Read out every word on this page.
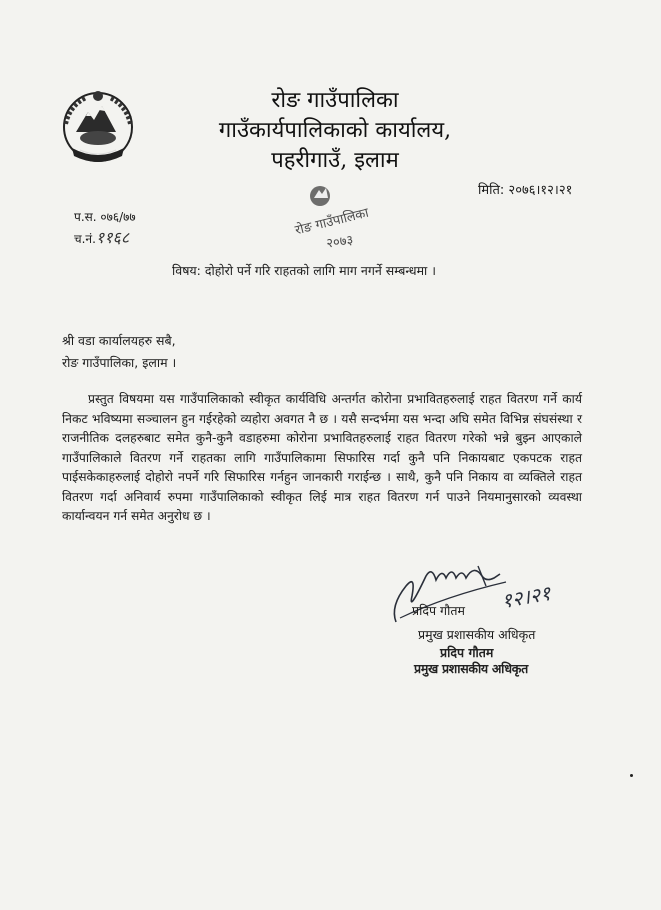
रोङ गाउँपालिका
गाउँकार्यपालिकाको कार्यालय,
पहरीगाउँ, इलाम
मिति: २०७६।१२।२१
प.स. ०७६/७७
च.नं.११६८	रोङ गाउँपालिका
२०७३
विषय: दोहोरो पर्ने गरि राहतको लागि माग नगर्ने सम्बन्धमा ।
श्री वडा कार्यालयहरु सबै,
रोङ गाउँपालिका, इलाम ।
प्रस्तुत विषयमा यस गाउँपालिकाको स्वीकृत कार्यविधि अन्तर्गत कोरोना प्रभावितहरुलाई राहत वितरण गर्ने कार्य निकट भविष्यमा सञ्चालन हुन गईरहेको व्यहोरा अवगत नै छ । यसै सन्दर्भमा यस भन्दा अघि समेत विभिन्न संघसंस्था र राजनीतिक दलहरुबाट समेत कुनै-कुनै वडाहरुमा कोरोना प्रभावितहरुलाई राहत वितरण गरेको भन्ने बुझ्न आएकाले गाउँपालिकाले वितरण गर्ने राहतका लागि गाउँपालिकामा सिफारिस गर्दा कुनै पनि निकायबाट एकपटक राहत पाईसकेकाहरुलाई दोहोरो नपर्ने गरि सिफारिस गर्नहुन जानकारी गराईन्छ । साथै, कुनै पनि निकाय वा व्यक्तिले राहत वितरण गर्दा अनिवार्य रुपमा गाउँपालिकाको स्वीकृत लिई मात्र राहत वितरण गर्न पाउने नियमानुसारको व्यवस्था कार्यान्वयन गर्न समेत अनुरोध छ ।
१२।२१
प्रदिप गौतम
प्रमुख प्रशासकीय अधिकृत
प्रदिप गौतम
प्रमुख प्रशासकीय अधिकृत
